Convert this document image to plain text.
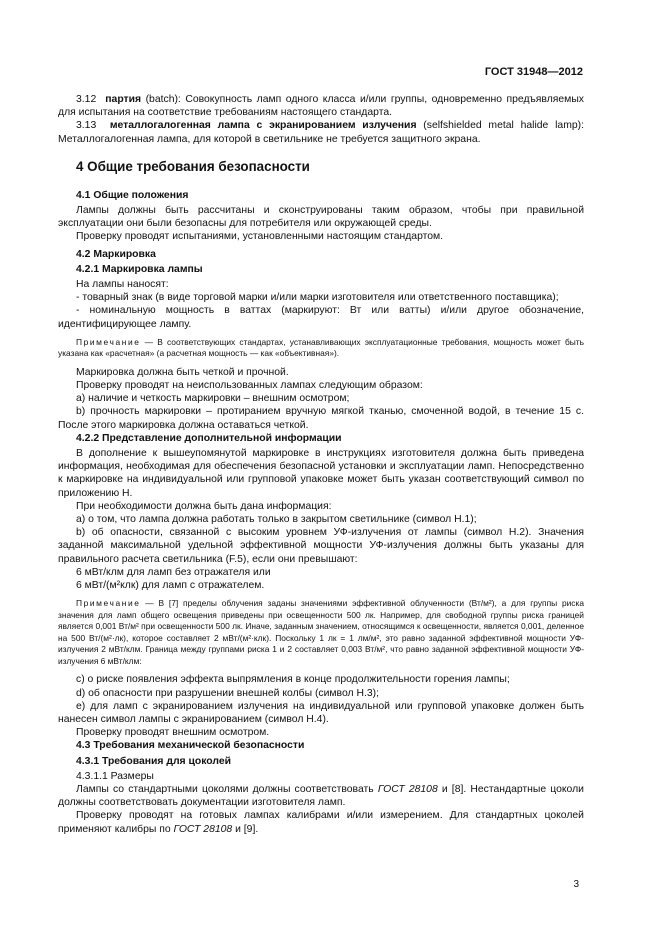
ГОСТ 31948—2012

3.12 партия (batch): Совокупность ламп одного класса и/или группы, одновременно предъявляемых для испытания на соответствие требованиям настоящего стандарта.

3.13 металлогалогенная лампа с экранированием излучения (selfshielded metal halide lamp): Металлогалогенная лампа, для которой в светильнике не требуется защитного экрана.

4 Общие требования безопасности
4.1 Общие положения

Лампы должны быть рассчитаны и сконструированы таким образом, чтобы при правильной эксплуатации они были безопасны для потребителя или окружающей среды.

Проверку проводят испытаниями, установленными настоящим стандартом.

4.2 Маркировка
4.2.1 Маркировка лампы

На лампы наносят:

- товарный знак (в виде торговой марки и/или марки изготовителя или ответственного поставщика);

- номинальную мощность в ваттах (маркируют: Вт или ватты) и/или другое обозначение, идентифицирующее лампу.

Примечание — В соответствующих стандартах, устанавливающих эксплуатационные требования, мощность может быть указана как «расчетная» (а расчетная мощность — как «объективная»).

Маркировка должна быть четкой и прочной.

Проверку проводят на неиспользованных лампах следующим образом:

а) наличие и четкость маркировки – внешним осмотром;

b) прочность маркировки – протиранием вручную мягкой тканью, смоченной водой, в течение 15 с. После этого маркировка должна оставаться четкой.

4.2.2 Представление дополнительной информации

В дополнение к вышеупомянутой маркировке в инструкциях изготовителя должна быть приведена информация, необходимая для обеспечения безопасной установки и эксплуатации ламп. Непосредственно к маркировке на индивидуальной или групповой упаковке может быть указан соответствующий символ по приложению Н.

При необходимости должна быть дана информация:

a) о том, что лампа должна работать только в закрытом светильнике (символ Н.1);

b) об опасности, связанной с высоким уровнем УФ-излучения от лампы (символ Н.2). Значения заданной максимальной удельной эффективной мощности УФ-излучения должны быть указаны для правильного расчета светильника (F.5), если они превышают:

6 мВт/клм для ламп без отражателя или

6 мВт/(м²клк) для ламп с отражателем.

Примечание — В [7] пределы облучения заданы значениями эффективной облученности (Вт/м²), а для группы риска значения для ламп общего освещения приведены при освещенности 500 лк. Например, для свободной группы риска границей является 0,001 Вт/м² при освещенности 500 лк. Иначе, заданным значением, относящимся к освещенности, является 0,001, деленное на 500 Вт/(м²·лк), которое составляет 2 мВт/(м²·клк). Поскольку 1 лк = 1 лм/м², это равно заданной эффективной мощности УФ-излучения 2 мВт/клм. Граница между группами риска 1 и 2 составляет 0,003 Вт/м², что равно заданной эффективной мощности УФ-излучения 6 мВт/клм:

c) о риске появления эффекта выпрямления в конце продолжительности горения лампы;

d) об опасности при разрушении внешней колбы (символ Н.3);

e) для ламп с экранированием излучения на индивидуальной или групповой упаковке должен быть нанесен символ лампы с экранированием (символ Н.4).

Проверку проводят внешним осмотром.

4.3 Требования механической безопасности
4.3.1 Требования для цоколей

4.3.1.1 Размеры

Лампы со стандартными цоколями должны соответствовать ГОСТ 28108 и [8]. Нестандартные цоколи должны соответствовать документации изготовителя ламп.

Проверку проводят на готовых лампах калибрами и/или измерением. Для стандартных цоколей применяют калибры по ГОСТ 28108 и [9].

3
